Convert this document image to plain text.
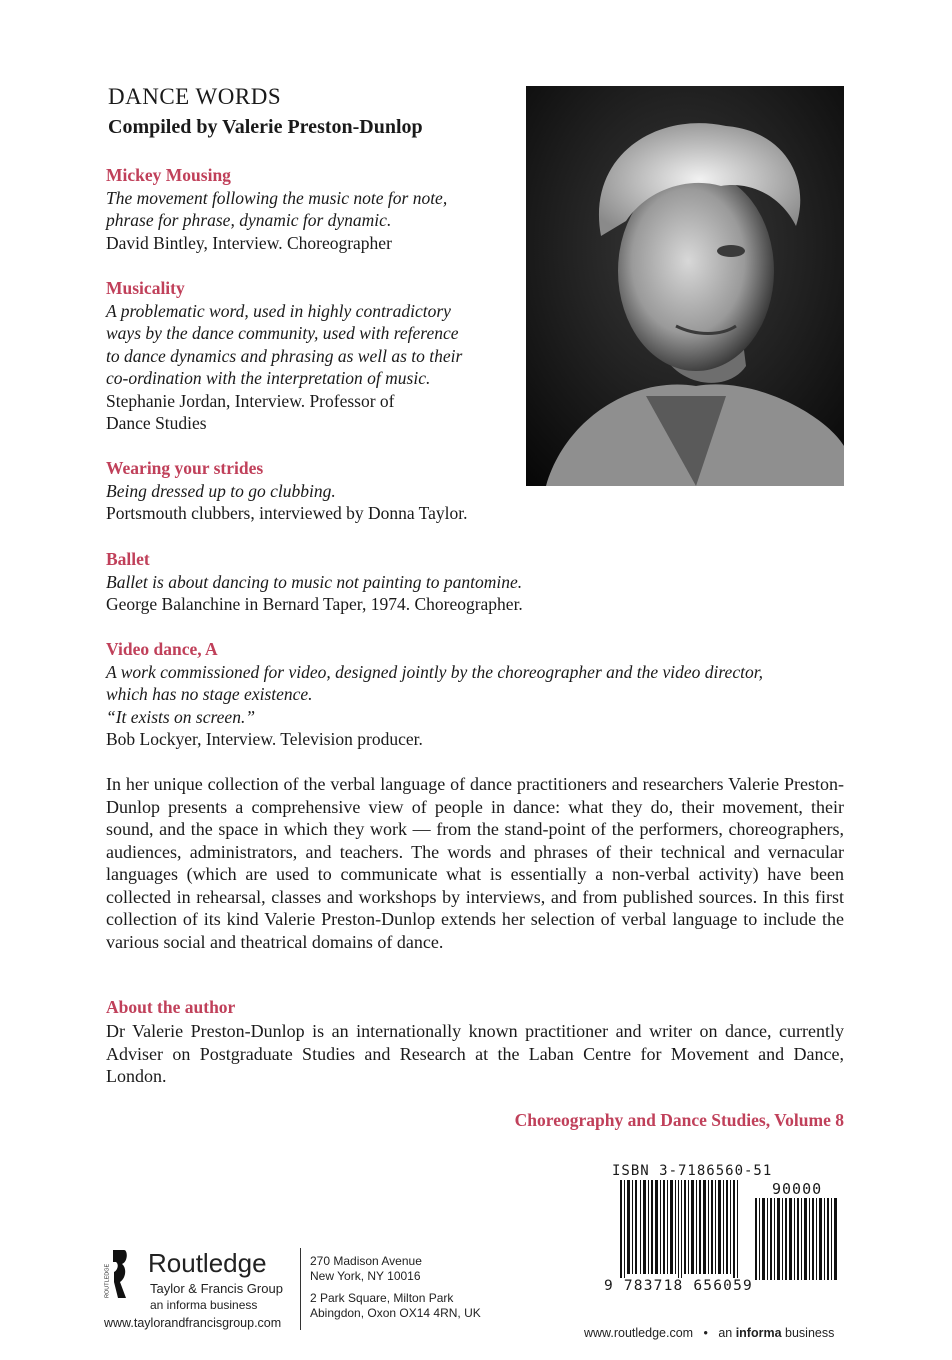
DANCE WORDS
Compiled by Valerie Preston-Dunlop
Mickey Mousing
The movement following the music note for note,
phrase for phrase, dynamic for dynamic.
David Bintley, Interview. Choreographer
Musicality
A problematic word, used in highly contradictory
ways by the dance community, used with reference
to dance dynamics and phrasing as well as to their
co-ordination with the interpretation of music.
Stephanie Jordan, Interview. Professor of
Dance Studies
Wearing your strides
Being dressed up to go clubbing.
Portsmouth clubbers, interviewed by Donna Taylor.
Ballet
Ballet is about dancing to music not painting to pantomine.
George Balanchine in Bernard Taper, 1974. Choreographer.
Video dance, A
A work commissioned for video, designed jointly by the choreographer and the video director,
which has no stage existence.
“It exists on screen.”
Bob Lockyer, Interview. Television producer.
In her unique collection of the verbal language of dance practitioners and researchers Valerie Preston-Dunlop presents a comprehensive view of people in dance: what they do, their movement, their sound, and the space in which they work — from the stand-point of the performers, choreographers, audiences, administrators, and teachers. The words and phrases of their technical and vernacular languages (which are used to communicate what is essentially a non-verbal activity) have been collected in rehearsal, classes and workshops by interviews, and from published sources. In this first collection of its kind Valerie Preston-Dunlop extends her selection of verbal language to include the various social and theatrical domains of dance.
About the author
Dr Valerie Preston-Dunlop is an internationally known practitioner and writer on dance, currently Adviser on Postgraduate Studies and Research at the Laban Centre for Movement and Dance, London.
Choreography and Dance Studies, Volume 8
ISBN 3-7186560-51
90000
9 783718 656059
ROUTLEDGE
Routledge
Taylor & Francis Group
an informa business
www.taylorandfrancisgroup.com
270 Madison Avenue
New York, NY 10016
2 Park Square, Milton Park
Abingdon, Oxon OX14 4RN, UK
www.routledge.com • an informa business
